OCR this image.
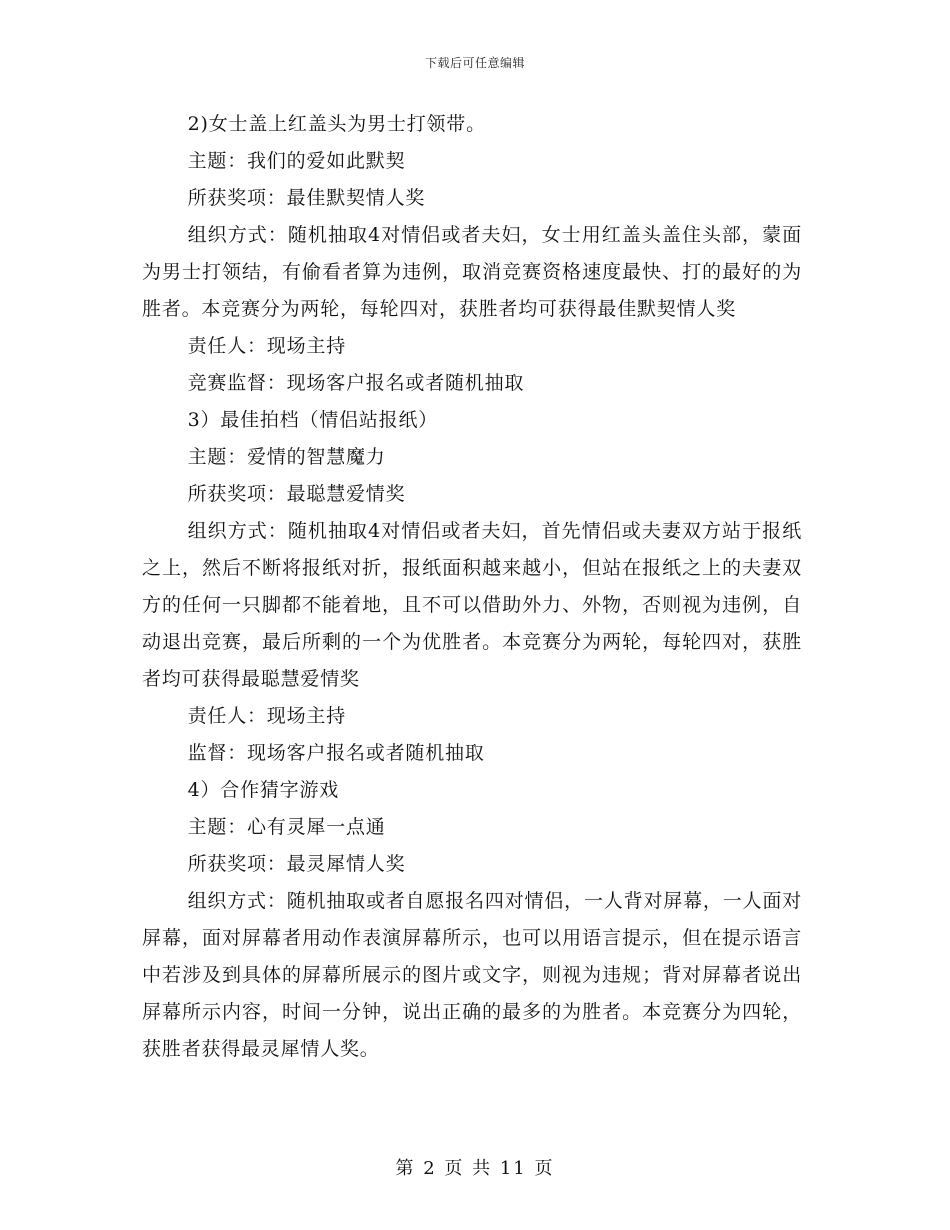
下载后可任意编辑

2)女士盖上红盖头为男士打领带。

主题：我们的爱如此默契

所获奖项：最佳默契情人奖

组织方式：随机抽取4对情侣或者夫妇，女士用红盖头盖住头部，蒙面为男士打领结，有偷看者算为违例，取消竞赛资格速度最快、打的最好的为胜者。本竞赛分为两轮，每轮四对，获胜者均可获得最佳默契情人奖

责任人：现场主持

竞赛监督：现场客户报名或者随机抽取

3）最佳拍档（情侣站报纸）

主题：爱情的智慧魔力

所获奖项：最聪慧爱情奖

组织方式：随机抽取4对情侣或者夫妇，首先情侣或夫妻双方站于报纸之上，然后不断将报纸对折，报纸面积越来越小，但站在报纸之上的夫妻双方的任何一只脚都不能着地，且不可以借助外力、外物，否则视为违例，自动退出竞赛，最后所剩的一个为优胜者。本竞赛分为两轮，每轮四对，获胜者均可获得最聪慧爱情奖

责任人：现场主持

监督：现场客户报名或者随机抽取

4）合作猜字游戏

主题：心有灵犀一点通

所获奖项：最灵犀情人奖

组织方式：随机抽取或者自愿报名四对情侣，一人背对屏幕，一人面对屏幕，面对屏幕者用动作表演屏幕所示，也可以用语言提示，但在提示语言中若涉及到具体的屏幕所展示的图片或文字，则视为违规；背对屏幕者说出屏幕所示内容，时间一分钟，说出正确的最多的为胜者。本竞赛分为四轮，获胜者获得最灵犀情人奖。

第 2 页 共 11 页
